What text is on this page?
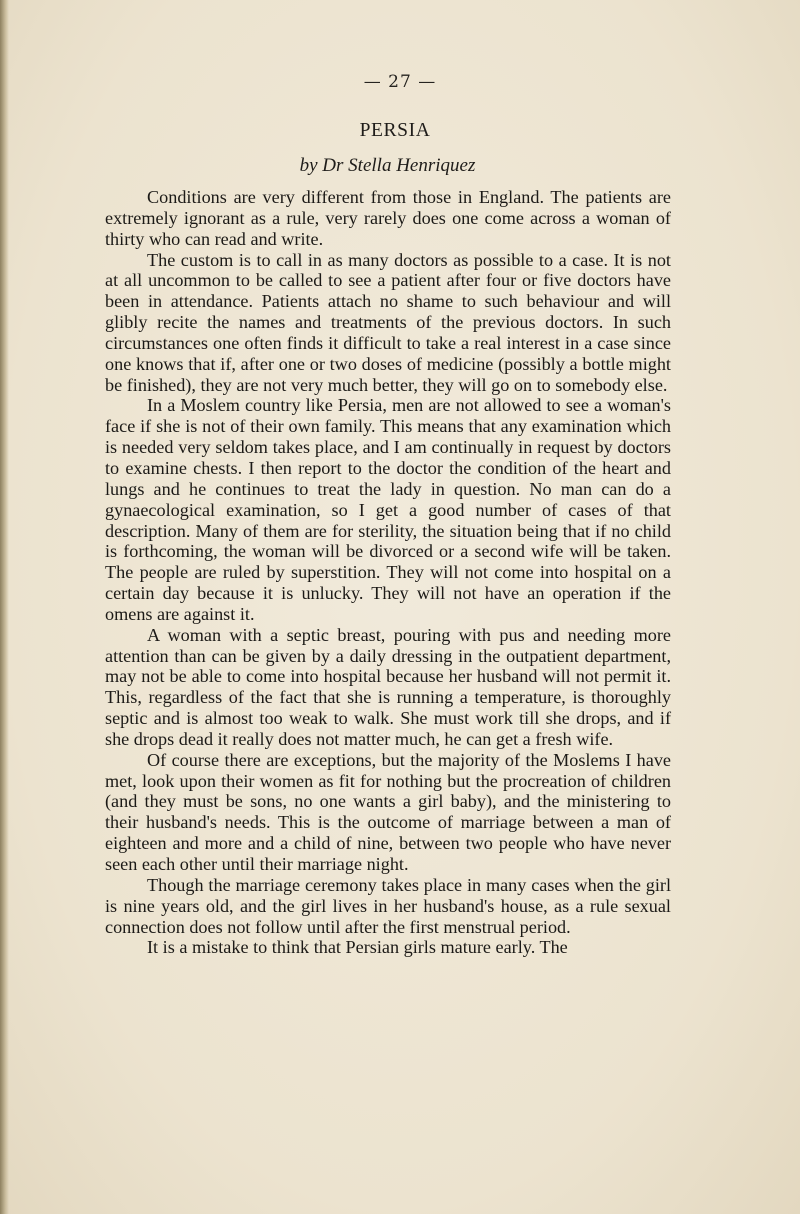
— 27 —
PERSIA
by Dr Stella Henriquez

Conditions are very different from those in England. The patients are extremely ignorant as a rule, very rarely does one come across a woman of thirty who can read and write.

The custom is to call in as many doctors as possible to a case. It is not at all uncommon to be called to see a patient after four or five doctors have been in attendance. Patients attach no shame to such behaviour and will glibly recite the names and treatments of the previous doctors. In such circumstances one often finds it difficult to take a real interest in a case since one knows that if, after one or two doses of medicine (possibly a bottle might be finished), they are not very much better, they will go on to somebody else.

In a Moslem country like Persia, men are not allowed to see a woman's face if she is not of their own family. This means that any examination which is needed very seldom takes place, and I am continually in request by doctors to examine chests. I then report to the doctor the condition of the heart and lungs and he continues to treat the lady in question. No man can do a gynaecological examination, so I get a good number of cases of that description. Many of them are for sterility, the situation being that if no child is forthcoming, the woman will be divorced or a second wife will be taken. The people are ruled by superstition. They will not come into hospital on a certain day because it is unlucky. They will not have an operation if the omens are against it.

A woman with a septic breast, pouring with pus and needing more attention than can be given by a daily dressing in the outpatient department, may not be able to come into hospital because her husband will not permit it. This, regardless of the fact that she is running a temperature, is thoroughly septic and is almost too weak to walk. She must work till she drops, and if she drops dead it really does not matter much, he can get a fresh wife.

Of course there are exceptions, but the majority of the Moslems I have met, look upon their women as fit for nothing but the procreation of children (and they must be sons, no one wants a girl baby), and the ministering to their husband's needs. This is the outcome of marriage between a man of eighteen and more and a child of nine, between two people who have never seen each other until their marriage night.

Though the marriage ceremony takes place in many cases when the girl is nine years old, and the girl lives in her husband's house, as a rule sexual connection does not follow until after the first menstrual period.

It is a mistake to think that Persian girls mature early. The
